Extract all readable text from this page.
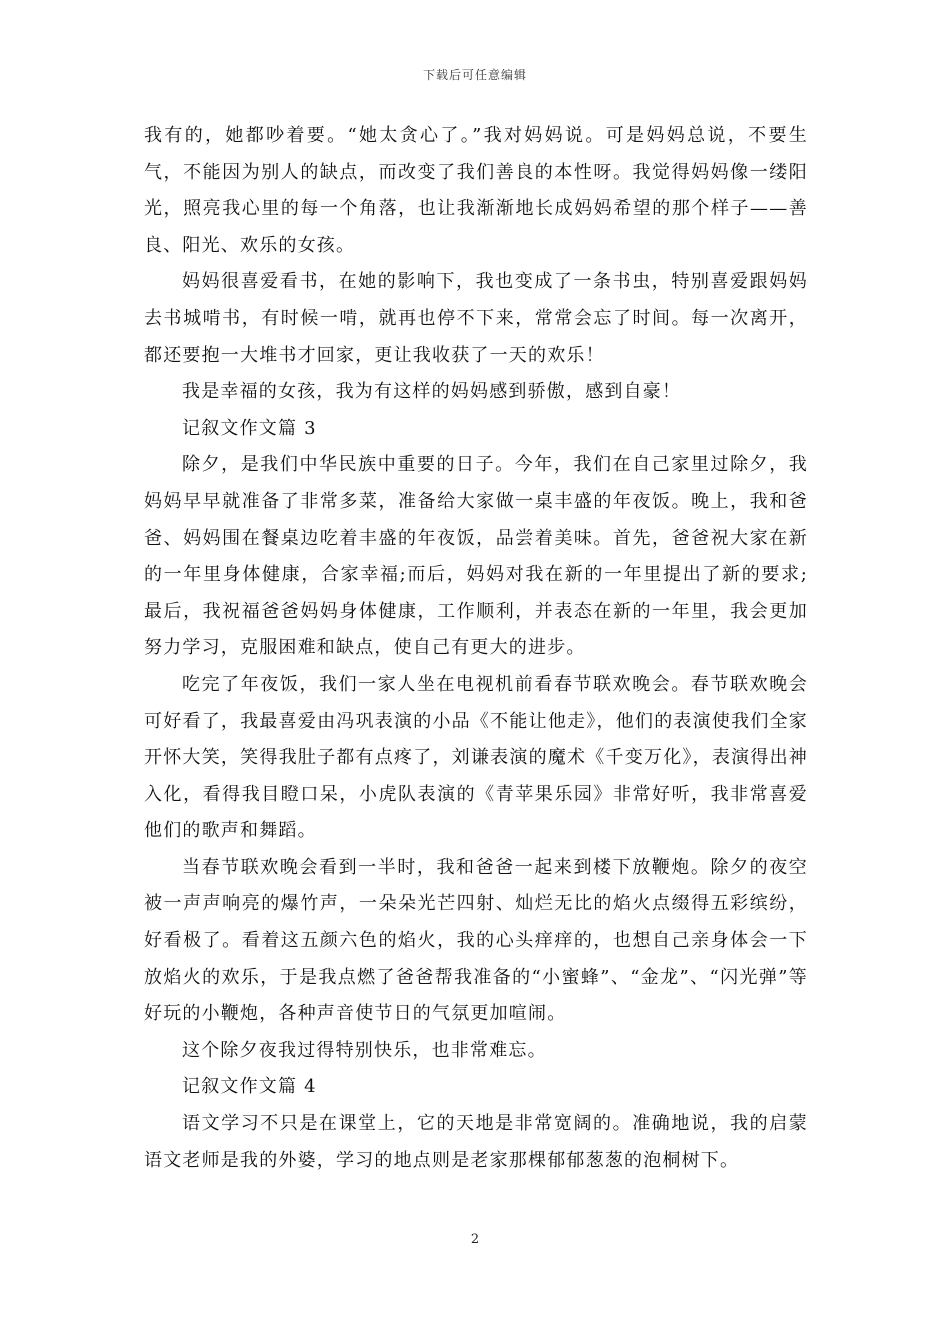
下载后可任意编辑

我有的，她都吵着要。“她太贪心了。”我对妈妈说。可是妈妈总说，不要生气，不能因为别人的缺点，而改变了我们善良的本性呀。我觉得妈妈像一缕阳光，照亮我心里的每一个角落，也让我渐渐地长成妈妈希望的那个样子——善良、阳光、欢乐的女孩。

妈妈很喜爱看书，在她的影响下，我也变成了一条书虫，特别喜爱跟妈妈去书城啃书，有时候一啃，就再也停不下来，常常会忘了时间。每一次离开，都还要抱一大堆书才回家，更让我收获了一天的欢乐！

我是幸福的女孩，我为有这样的妈妈感到骄傲，感到自豪！

记叙文作文篇 3

除夕，是我们中华民族中重要的日子。今年，我们在自己家里过除夕，我妈妈早早就准备了非常多菜，准备给大家做一桌丰盛的年夜饭。晚上，我和爸爸、妈妈围在餐桌边吃着丰盛的年夜饭，品尝着美味。首先，爸爸祝大家在新的一年里身体健康，合家幸福;而后，妈妈对我在新的一年里提出了新的要求;最后，我祝福爸爸妈妈身体健康，工作顺利，并表态在新的一年里，我会更加努力学习，克服困难和缺点，使自己有更大的进步。

吃完了年夜饭，我们一家人坐在电视机前看春节联欢晚会。春节联欢晚会可好看了，我最喜爱由冯巩表演的小品《不能让他走》，他们的表演使我们全家开怀大笑，笑得我肚子都有点疼了，刘谦表演的魔术《千变万化》，表演得出神入化，看得我目瞪口呆，小虎队表演的《青苹果乐园》非常好听，我非常喜爱他们的歌声和舞蹈。

当春节联欢晚会看到一半时，我和爸爸一起来到楼下放鞭炮。除夕的夜空被一声声响亮的爆竹声，一朵朵光芒四射、灿烂无比的焰火点缀得五彩缤纷，好看极了。看着这五颜六色的焰火，我的心头痒痒的，也想自己亲身体会一下放焰火的欢乐，于是我点燃了爸爸帮我准备的“小蜜蜂”、“金龙”、“闪光弹”等好玩的小鞭炮，各种声音使节日的气氛更加喧闹。

这个除夕夜我过得特别快乐，也非常难忘。

记叙文作文篇 4

语文学习不只是在课堂上，它的天地是非常宽阔的。准确地说，我的启蒙语文老师是我的外婆，学习的地点则是老家那棵郁郁葱葱的泡桐树下。

2
